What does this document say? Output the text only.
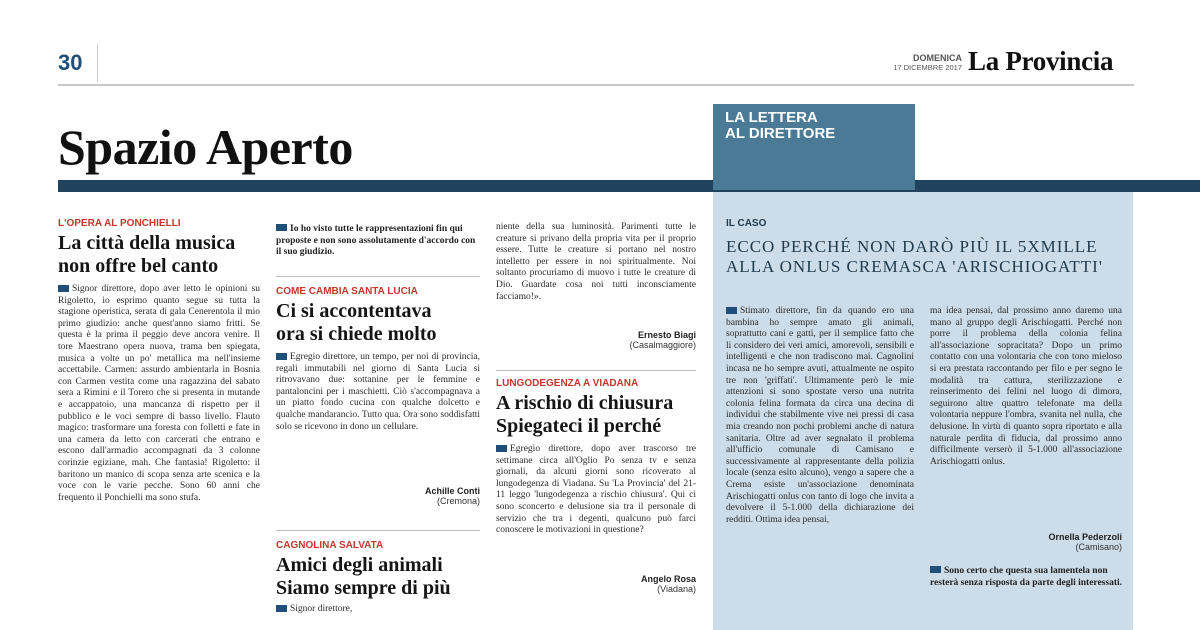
30	DOMENICA
17 DICEMBRE 2017 La Provincia
Spazio Aperto
LA LETTERA
AL DIRETTORE
L'OPERA AL PONCHIELLI
La città della musica
non offre bel canto
Signor direttore, dopo aver letto le opinioni su Rigoletto, io esprimo quanto segue su tutta la stagione operistica, serata di gala Cenerentola il mio primo giudizio: anche quest'anno siamo fritti. Se questa è la prima il peggio deve ancora venire. Il tore Maestrano opera nuova, trama ben spiegata, musica a volte un po' metallica ma nell'insieme accettabile. Carmen: assurdo ambientarla in Bosnia con Carmen vestita come una ragazzina del sabato sera a Rimini e il Torero che si presenta in mutande e accappatoio, una mancanza di rispetto per il pubblico e le voci sempre di basso livello. Flauto magico: trasformare una foresta con folletti e fate in una camera da letto con carcerati che entrano e escono dall'armadio accompagnati da 3 colonne corinzie egiziane, mah. Che fantasia! Rigoletto: il baritono un manico di scopa senza arte scenica e la voce con le varie pecche. Sono 60 anni che frequento il Ponchielli ma sono stufa.
Io ho visto tutte le rappresentazioni fin qui proposte e non sono assolutamente d'accordo con il suo giudizio.
COME CAMBIA SANTA LUCIA
Ci si accontentava
ora si chiede molto
Egregio direttore, un tempo, per noi di provincia, regali immutabili nel giorno di Santa Lucia si ritrovavano due: sottanine per le femmine e pantaloncini per i maschietti. Ciò s'accompagnava a un piatto fondo cucina con qualche dolcetto e qualche mandarancio. Tutto qua. Ora sono soddisfatti solo se ricevono in dono un cellulare.
Achille Conti
(Cremona)
CAGNOLINA SALVATA
Amici degli animali
Siamo sempre di più
Signor direttore,
niente della sua luminosità. Parimenti tutte le creature si privano della propria vita per il proprio essere. Tutte le creature si portano nel nostro intelletto per essere in noi spiritualmente. Noi soltanto procuriamo di muovo i tutte le creature di Dio. Guardate cosa noi tutti inconsciamente facciamo!».
Ernesto Biagi
(Casalmaggiore)
LUNGODEGENZA A VIADANA
A rischio di chiusura
Spiegateci il perché
Egregio direttore, dopo aver trascorso tre settimane circa all'Oglio Po senza tv e senza giornali, da alcuni giorni sono ricoverato al lungodegenza di Viadana. Su 'La Provincia' del 21-11 leggo 'lungodegenza a rischio chiusura'. Qui ci sono sconcerto e delusione sia tra il personale di servizio che tra i degenti, qualcuno può farci conoscere le motivazioni in questione?
Angelo Rosa
(Viadana)
IL CASO
ECCO PERCHÉ NON DARÒ PIÙ IL 5XMILLE
ALLA ONLUS CREMASCA 'ARISCHIOGATTI'
Stimato direttore, fin da quando ero una bambina ho sempre amato gli animali, soprattutto cani e gatti, per il semplice fatto che li considero dei veri amici, amorevoli, sensibili e intelligenti e che non tradiscono mai. Cagnolini incasa ne ho sempre avuti, attualmente ne ospito tre non 'griffati'. Ultimamente però le mie attenzioni si sono spostate verso una nutrita colonia felina formata da circa una decina di individui che stabilmente vive nei pressi di casa mia creando non pochi problemi anche di natura sanitaria. Oltre ad aver segnalato il problema all'ufficio comunale di Camisano e successivamente al rappresentante della polizia locale (senza esito alcuno), vengo a sapere che a Crema esiste un'associazione denominata Arischiogatti onlus con tanto di logo che invita a devolvere il 5-1.000 della dichiarazione dei redditi. Ottima idea pensai,
ma idea pensai, dal prossimo anno daremo una mano al gruppo degli Arischiogatti. Perché non porre il problema della colonia felina all'associazione sopracitata? Dopo un primo contatto con una volontaria che con tono mieloso si era prestata raccontando per filo e per segno le modalità tra cattura, sterilizzazione e reinserimento dei felini nel luogo di dimora, seguirono altre quattro telefonate ma della volontaria neppure l'ombra, svanita nel nulla, che delusione. In virtù di quanto sopra riportato e alla naturale perdita di fiducia, dal prossimo anno difficilmente verserò il 5-1.000 all'associazione Arischiogatti onlus.
Ornella Pederzoli
(Camisano)
Sono certo che questa sua lamentela non resterà senza risposta da parte degli interessati.
